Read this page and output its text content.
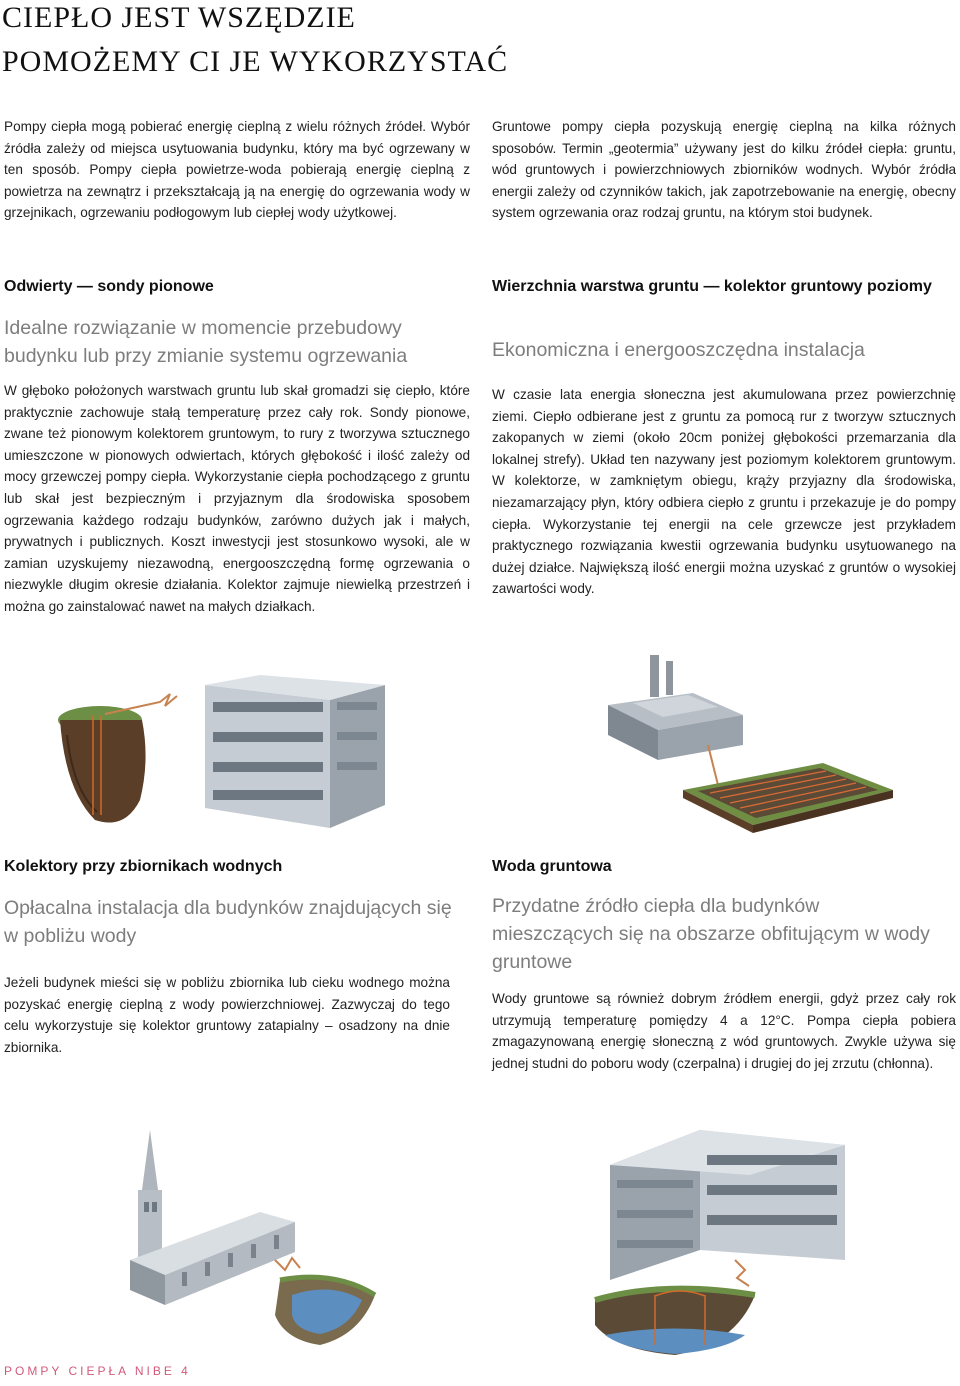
CIEPŁO JEST WSZĘDZIE
POMOŻEMY CI JE WYKORZYSTAĆ

Pompy ciepła mogą pobierać energię cieplną z wielu różnych źródeł. Wybór źródła zależy od miejsca usytuowania budynku, który ma być ogrzewany w ten sposób. Pompy ciepła powietrze-woda pobierają energię cieplną z powietrza na zewnątrz i przekształcają ją na energię do ogrzewania wody w grzejnikach, ogrzewaniu podłogowym lub ciepłej wody użytkowej.

Gruntowe pompy ciepła pozyskują energię cieplną na kilka różnych sposobów. Termin „geotermia” używany jest do kilku źródeł ciepła: gruntu, wód gruntowych i powierzchniowych zbiorników wodnych. Wybór źródła energii zależy od czynników takich, jak zapotrzebowanie na energię, obecny system ogrzewania oraz rodzaj gruntu, na którym stoi budynek.

Odwierty — sondy pionowe
Idealne rozwiązanie w momencie przebudowy budynku lub przy zmianie systemu ogrzewania

W głęboko położonych warstwach gruntu lub skał gromadzi się ciepło, które praktycznie zachowuje stałą temperaturę przez cały rok. Sondy pionowe, zwane też pionowym kolektorem gruntowym, to rury z tworzywa sztucznego umieszczone w pionowych odwiertach, których głębokość i ilość zależy od mocy grzewczej pompy ciepła. Wykorzystanie ciepła pochodzącego z gruntu lub skał jest bezpieczným i przyjaznym dla środowiska sposobem ogrzewania każdego rodzaju budynków, zarówno dużych jak i małych, prywatnych i publicznych. Koszt inwestycji jest stosunkowo wysoki, ale w zamian uzyskujemy niezawodną, energooszczędną formę ogrzewania o niezwykle długim okresie działania. Kolektor zajmuje niewielką przestrzeń i można go zainstalować nawet na małych działkach.

Wierzchnia warstwa gruntu — kolektor gruntowy poziomy
Ekonomiczna i energooszczędna instalacja

W czasie lata energia słoneczna jest akumulowana przez powierzchnię ziemi. Ciepło odbierane jest z gruntu za pomocą rur z tworzyw sztucznych zakopanych w ziemi (około 20cm poniżej głębokości przemarzania dla lokalnej strefy). Układ ten nazywany jest poziomym kolektorem gruntowym. W kolektorze, w zamkniętym obiegu, krąży przyjazny dla środowiska, niezamarzający płyn, który odbiera ciepło z gruntu i przekazuje je do pompy ciepła. Wykorzystanie tej energii na cele grzewcze jest przykładem praktycznego rozwiązania kwestii ogrzewania budynku usytuowanego na dużej działce. Największą ilość energii można uzyskać z gruntów o wysokiej zawartości wody.

Kolektory przy zbiornikach wodnych
Opłacalna instalacja dla budynków znajdujących się w pobliżu wody

Jeżeli budynek mieści się w pobliżu zbiornika lub cieku wodnego można pozyskać energię cieplną z wody powierzchniowej. Zazwyczaj do tego celu wykorzystuje się kolektor gruntowy zatapialny – osadzony na dnie zbiornika.

Woda gruntowa
Przydatne źródło ciepła dla budynków mieszczących się na obszarze obfitującym w wody gruntowe

Wody gruntowe są również dobrym źródłem energii, gdyż przez cały rok utrzymują temperaturę pomiędzy 4 a 12°C. Pompa ciepła pobiera zmagazynowaną energię słoneczną z wód gruntowych. Zwykle używa się jednej studni do poboru wody (czerpalna) i drugiej do jej zrzutu (chłonna).

POMPY CIEPŁA NIBE 4
